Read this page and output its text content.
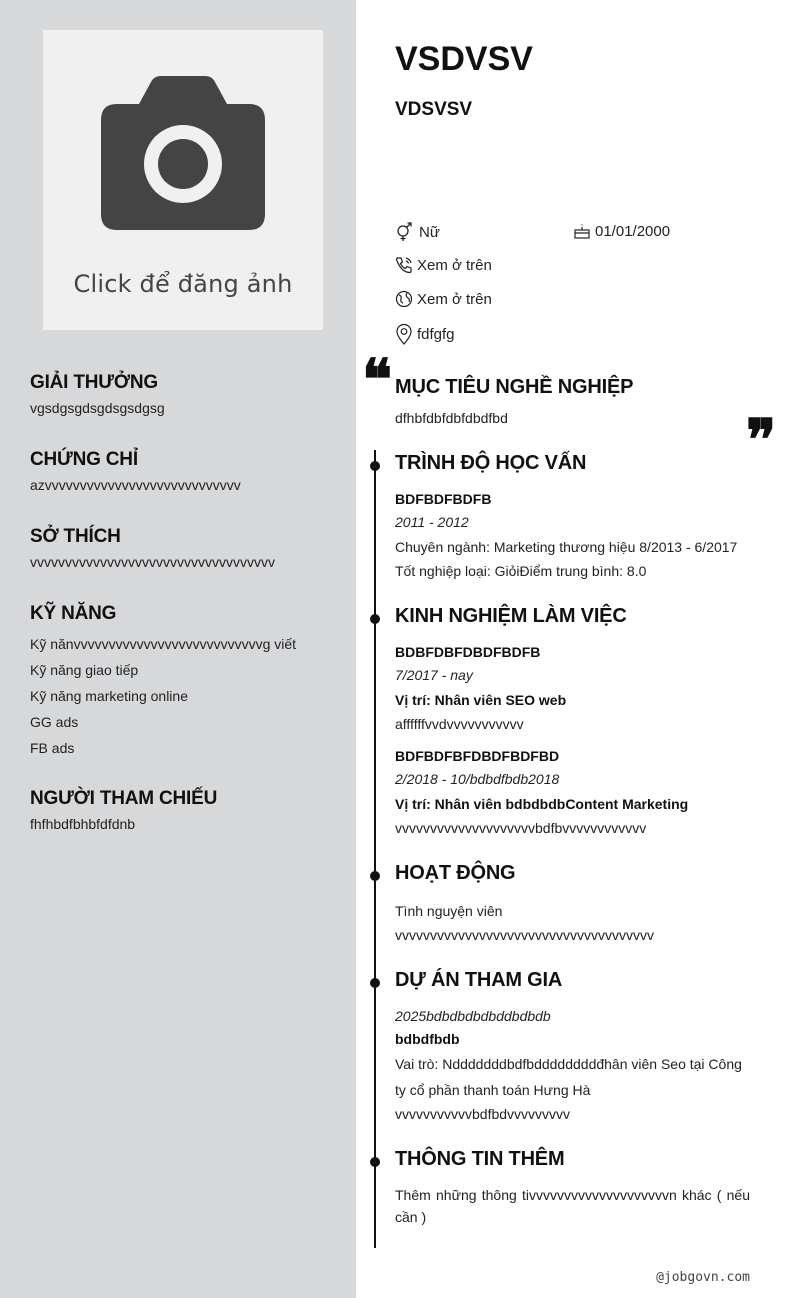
Click để đăng ảnh
GIẢI THƯỞNG
vgsdgsgdsgdsgsdgsg
CHỨNG CHỈ
azvvvvvvvvvvvvvvvvvvvvvvvvvvvv
SỞ THÍCH
vvvvvvvvvvvvvvvvvvvvvvvvvvvvvvvvvvv
KỸ NĂNG
Kỹ nănvvvvvvvvvvvvvvvvvvvvvvvvvvvg viết
Kỹ năng giao tiếp
Kỹ năng marketing online
GG ads
FB ads
NGƯỜI THAM CHIẾU
fhfhbdfbhbfdfdnb
VSDVSV
VDSVSV
Nữ	01/01/2000
Xem ở trên
Xem ở trên
fdfgfg
❝
❞
MỤC TIÊU NGHỀ NGHIỆP
dfhbfdbfdbfdbdfbd
TRÌNH ĐỘ HỌC VẤN
BDFBDFBDFB
2011 - 2012
Chuyên ngành: Marketing thương hiệu 8/2013 - 6/2017
Tốt nghiệp loại: GiỏiĐiểm trung bình: 8.0
KINH NGHIỆM LÀM VIỆC
BDBFDBFDBDFBDFB
7/2017 - nay
Vị trí: Nhân viên SEO web
affffffvvdvvvvvvvvvvv
BDFBDFBFDBDFBDFBD
2/2018 - 10/bdbdfbdb2018
Vị trí: Nhân viên bdbdbdbContent Marketing
vvvvvvvvvvvvvvvvvvvvbdfbvvvvvvvvvvvv
HOẠT ĐỘNG
Tình nguyện viên
vvvvvvvvvvvvvvvvvvvvvvvvvvvvvvvvvvvvv
DỰ ÁN THAM GIA
2025bdbdbdbdbddbdbdb
bdbdfbdb
Vai trò: Ndddddddbdfbddddddddđhân viên Seo tại Công ty cổ phần thanh toán Hưng Hà
vvvvvvvvvvvbdfbdvvvvvvvvv
THÔNG TIN THÊM
Thêm những thông tivvvvvvvvvvvvvvvvvvvvn khác ( nếu cần )
@jobgovn.com
